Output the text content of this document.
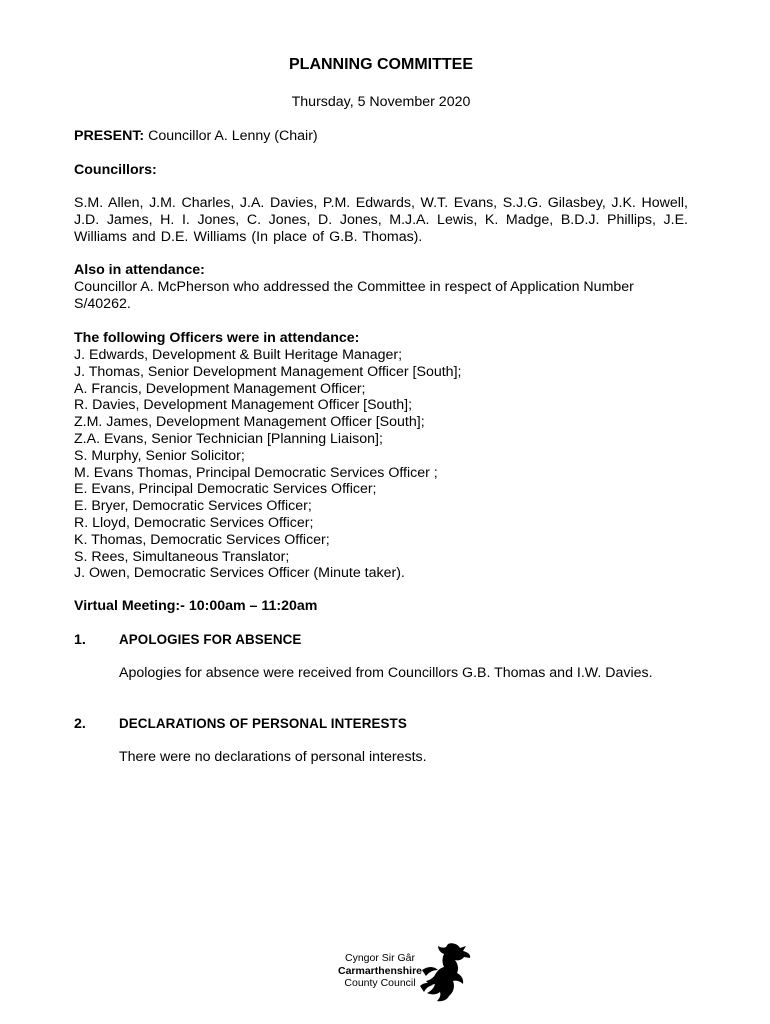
PLANNING COMMITTEE
Thursday, 5 November 2020
PRESENT: Councillor A. Lenny (Chair)
Councillors:
S.M. Allen, J.M. Charles, J.A. Davies, P.M. Edwards, W.T. Evans, S.J.G. Gilasbey, J.K. Howell, J.D. James, H. I. Jones, C. Jones, D. Jones, M.J.A. Lewis, K. Madge, B.D.J. Phillips, J.E. Williams and D.E. Williams (In place of G.B. Thomas).
Also in attendance:
Councillor A. McPherson who addressed the Committee in respect of Application Number S/40262.
The following Officers were in attendance:
J. Edwards, Development & Built Heritage Manager;
J. Thomas, Senior Development Management Officer [South];
A. Francis, Development Management Officer;
R. Davies, Development Management Officer [South];
Z.M. James, Development Management Officer [South];
Z.A. Evans, Senior Technician [Planning Liaison];
S. Murphy, Senior Solicitor;
M. Evans Thomas, Principal Democratic Services Officer ;
E. Evans, Principal Democratic Services Officer;
E. Bryer, Democratic Services Officer;
R. Lloyd, Democratic Services Officer;
K. Thomas, Democratic Services Officer;
S. Rees, Simultaneous Translator;
J. Owen, Democratic Services Officer (Minute taker).
Virtual Meeting:- 10:00am – 11:20am
1. APOLOGIES FOR ABSENCE
Apologies for absence were received from Councillors G.B. Thomas and I.W. Davies.
2. DECLARATIONS OF PERSONAL INTERESTS
There were no declarations of personal interests.
Cyngor Sir Gâr
Carmarthenshire
County Council
